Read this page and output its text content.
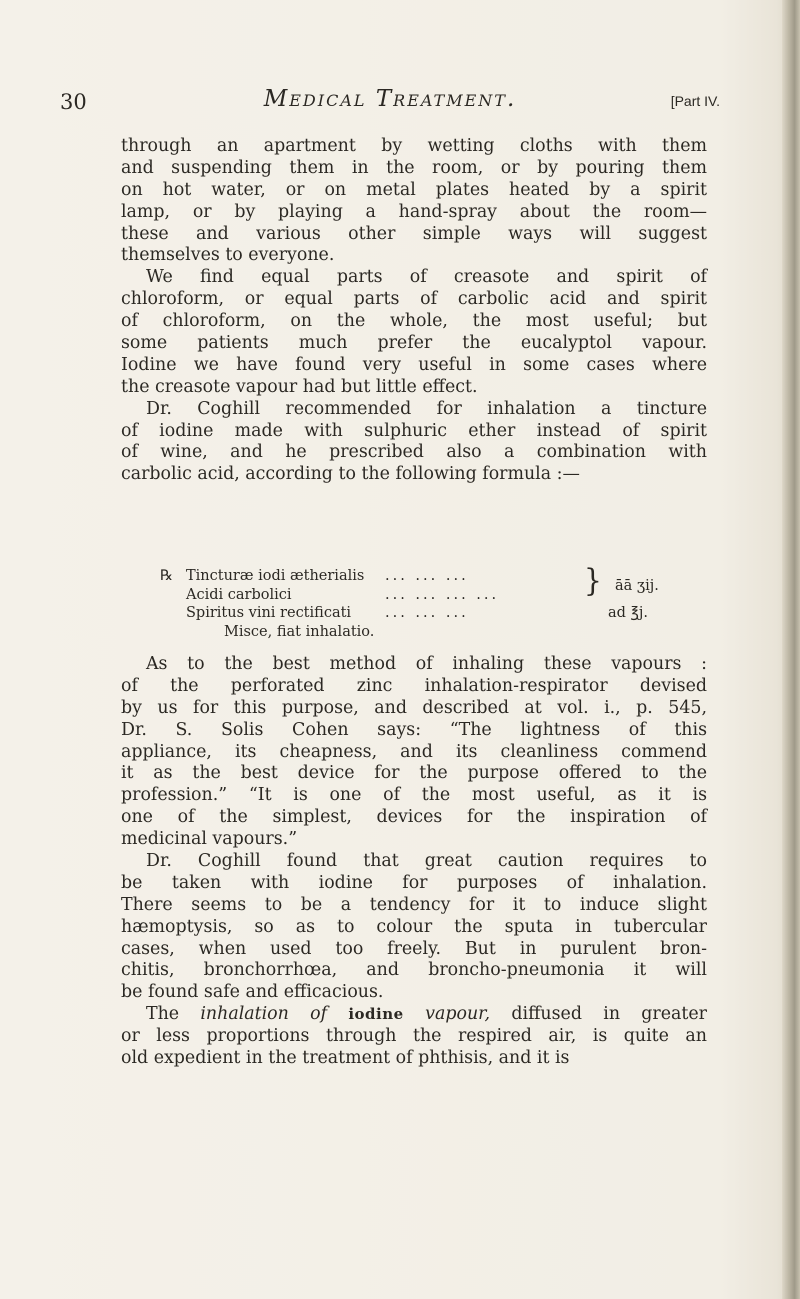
30	Medical Treatment.	[Part IV.
through an apartment by wetting cloths with them
and suspending them in the room, or by pouring them
on hot water, or on metal plates heated by a spirit
lamp, or by playing a hand-spray about the room—
these and various other simple ways will suggest
themselves to everyone.
We find equal parts of creasote and spirit of
chloroform, or equal parts of carbolic acid and spirit
of chloroform, on the whole, the most useful; but
some patients much prefer the eucalyptol vapour.
Iodine we have found very useful in some cases where
the creasote vapour had but little effect.
Dr. Coghill recommended for inhalation a tincture
of iodine made with sulphuric ether instead of spirit
of wine, and he prescribed also a combination with
carbolic acid, according to the following formula :—
℞ Tincturæ iodi ætherialis ... ... ...
Acidi carbolici	... ... ... ...	} āā ʒij.
Spiritus vini rectificati ... ... ...	ad ℥j.
Misce, fiat inhalatio.
As to the best method of inhaling these vapours :
of the perforated zinc inhalation-respirator devised
by us for this purpose, and described at vol. i., p. 545,
Dr. S. Solis Cohen says: “The lightness of this
appliance, its cheapness, and its cleanliness commend
it as the best device for the purpose offered to the
profession.” “It is one of the most useful, as it is
one of the simplest, devices for the inspiration of
medicinal vapours.”
Dr. Coghill found that great caution requires to
be taken with iodine for purposes of inhalation.
There seems to be a tendency for it to induce slight
hæmoptysis, so as to colour the sputa in tubercular
cases, when used too freely. But in purulent bron-
chitis, bronchorrhœa, and broncho-pneumonia it will
be found safe and efficacious.
The inhalation of iodine vapour, diffused in greater
or less proportions through the respired air, is quite an
old expedient in the treatment of phthisis, and it is
